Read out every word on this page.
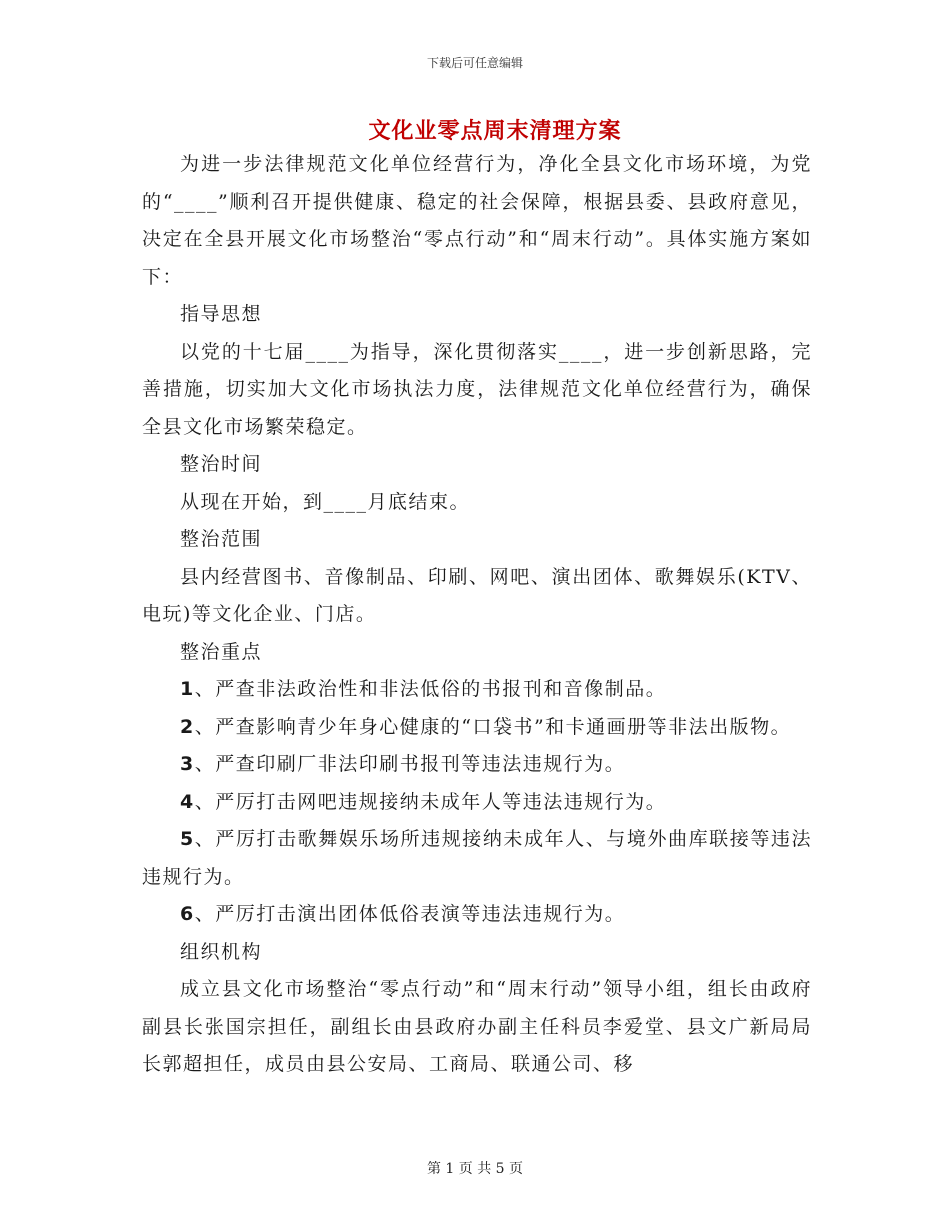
下载后可任意编辑
文化业零点周末清理方案

为进一步法律规范文化单位经营行为，净化全县文化市场环境，为党的“____”顺利召开提供健康、稳定的社会保障，根据县委、县政府意见，决定在全县开展文化市场整治“零点行动”和“周末行动”。具体实施方案如下：

指导思想

以党的十七届____为指导，深化贯彻落实____，进一步创新思路，完善措施，切实加大文化市场执法力度，法律规范文化单位经营行为，确保全县文化市场繁荣稳定。

整治时间

从现在开始，到____月底结束。

整治范围

县内经营图书、音像制品、印刷、网吧、演出团体、歌舞娱乐(KTV、电玩)等文化企业、门店。

整治重点

1、严查非法政治性和非法低俗的书报刊和音像制品。

2、严查影响青少年身心健康的“口袋书”和卡通画册等非法出版物。

3、严查印刷厂非法印刷书报刊等违法违规行为。

4、严厉打击网吧违规接纳未成年人等违法违规行为。

5、严厉打击歌舞娱乐场所违规接纳未成年人、与境外曲库联接等违法违规行为。

6、严厉打击演出团体低俗表演等违法违规行为。

组织机构

成立县文化市场整治“零点行动”和“周末行动”领导小组，组长由政府副县长张国宗担任，副组长由县政府办副主任科员李爱堂、县文广新局局长郭超担任，成员由县公安局、工商局、联通公司、移

第 1 页 共 5 页
